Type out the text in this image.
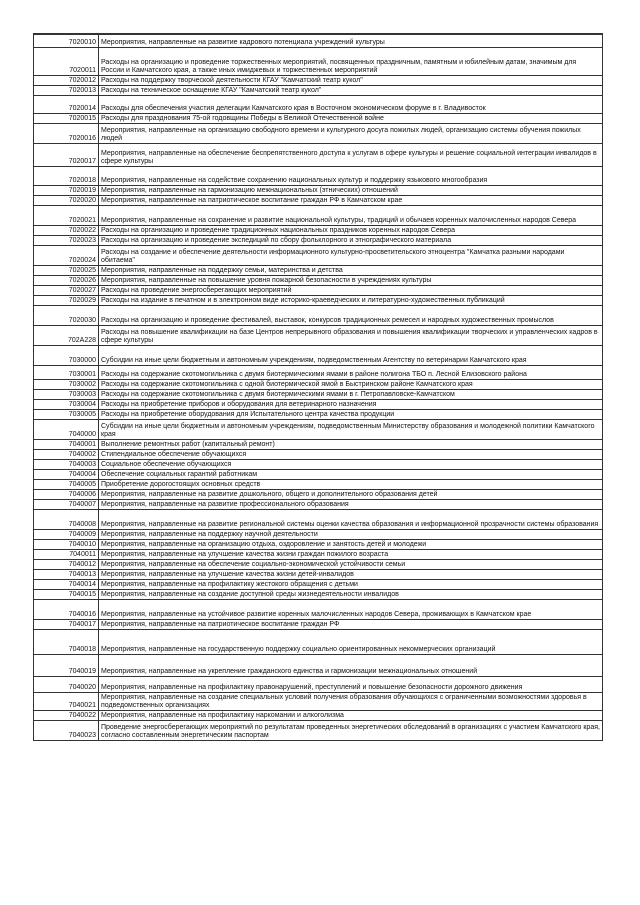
7020010	Мероприятия, направленные на развитие кадрового потенциала учреждений культуры
7020011	Расходы на организацию и проведение торжественных мероприятий, посвященных праздничным, памятным и юбилейным датам, значимым для России и Камчатского края, а также иных имиджевых и торжественных мероприятий
7020012	Расходы на поддержку творческой деятельности КГАУ "Камчатский театр кукол"
7020013	Расходы на техническое оснащение КГАУ "Камчатский театр кукол"
7020014	Расходы для обеспечения участия делегации Камчатского края в Восточном экономическом форуме в г. Владивосток
7020015	Расходы для празднования 75-ой годовщины Победы в Великой Отечественной войне
7020016	Мероприятия, направленные на организацию свободного времени и культурного досуга пожилых людей, организацию системы обучения пожилых людей
7020017	Мероприятия, направленные на обеспечение беспрепятственного доступа к услугам в сфере культуры и решение социальной интеграции инвалидов в сфере культуры
7020018	Мероприятия, направленные на содействие сохранению национальных культур и поддержку языкового многообразия
7020019	Мероприятия, направленные на гармонизацию межнациональных (этнических) отношений
7020020	Мероприятия, направленные на патриотическое воспитание граждан РФ в Камчатском крае
7020021	Мероприятия, направленные на сохранение и развитие национальной культуры, традиций и обычаев коренных малочисленных народов Севера
7020022	Расходы на организацию и проведение традиционных национальных праздников коренных народов Севера
7020023	Расходы на организацию и проведение экспедиций по сбору фольклорного и этнографического материала
7020024	Расходы на создание и обеспечение деятельности информационного культурно-просветительского этноцентра "Камчатка разными народами обитаема"
7020025	Мероприятия, направленные на поддержку семьи, материнства и детства
7020026	Мероприятия, направленные на повышение уровня пожарной безопасности в учреждениях культуры
7020027	Расходы на проведение энергосберегающих мероприятий
7020029	Расходы на издание в печатном и в электронном виде историко-краеведческих и литературно-художественных публикаций
7020030	Расходы на организацию и проведение фестивалей, выставок, конкурсов традиционных ремесел и народных художественных промыслов
702A228	Расходы на повышение квалификации на базе Центров непрерывного образования и повышения квалификации творческих и управленческих кадров в сфере культуры
7030000	Субсидии на иные цели бюджетным и автономным учреждениям, подведомственным Агентству по ветеринарии Камчатского края
7030001	Расходы на содержание скотомогильника с двумя биотермическими ямами в районе полигона ТБО п. Лесной Елизовского района
7030002	Расходы на содержание скотомогильника с одной биотермической ямой в Быстринском районе Камчатского края
7030003	Расходы на содержание скотомогильника с двумя биотермическими ямами в г. Петропавловске-Камчатском
7030004	Расходы на приобретение приборов и оборудования для ветеринарного назначения
7030005	Расходы на приобретение оборудования для Испытательного центра качества продукции
7040000	Субсидии на иные цели бюджетным и автономным учреждениям, подведомственным Министерству образования и молодежной политики Камчатского края
7040001	Выполнение ремонтных работ (капитальный ремонт)
7040002	Стипендиальное обеспечение обучающихся
7040003	Социальное обеспечение обучающихся
7040004	Обеспечение социальных гарантий работникам
7040005	Приобретение дорогостоящих основных средств
7040006	Мероприятия, направленные на развитие дошкольного, общего и дополнительного образования детей
7040007	Мероприятия, направленные на развитие профессионального образования
7040008	Мероприятия, направленные на развитие региональной системы оценки качества образования и информационной прозрачности системы образования
7040009	Мероприятия, направленные на поддержку научной деятельности
7040010	Мероприятия, направленные на организацию отдыха, оздоровление и занятость детей и молодежи
7040011	Мероприятия, направленные на улучшение качества жизни граждан пожилого возраста
7040012	Мероприятия, направленные на обеспечение социально-экономической устойчивости семьи
7040013	Мероприятия, направленные на улучшение качества жизни детей-инвалидов
7040014	Мероприятия, направленные на профилактику жестокого обращения с детьми
7040015	Мероприятия, направленные на создание доступной среды жизнедеятельности инвалидов
7040016	Мероприятия, направленные на устойчивое развитие коренных малочисленных народов Севера, проживающих в Камчатском крае
7040017	Мероприятия, направленные на патриотическое воспитание граждан РФ
7040018	Мероприятия, направленные на государственную поддержку социально ориентированных некоммерческих организаций
7040019	Мероприятия, направленные на укрепление гражданского единства и гармонизации межнациональных отношений
7040020	Мероприятия, направленные на профилактику правонарушений, преступлений и повышение безопасности дорожного движения
7040021	Мероприятия, направленные на создание специальных условий получения образования обучающихся с ограниченными возможностями здоровья в подведомственных организациях
7040022	Мероприятия, направленные на профилактику наркомании и алкоголизма
7040023	Проведение энергосберегающих мероприятий по результатам проведенных энергетических обследований в организациях с участием Камчатского края, согласно составленным энергетическим паспортам
